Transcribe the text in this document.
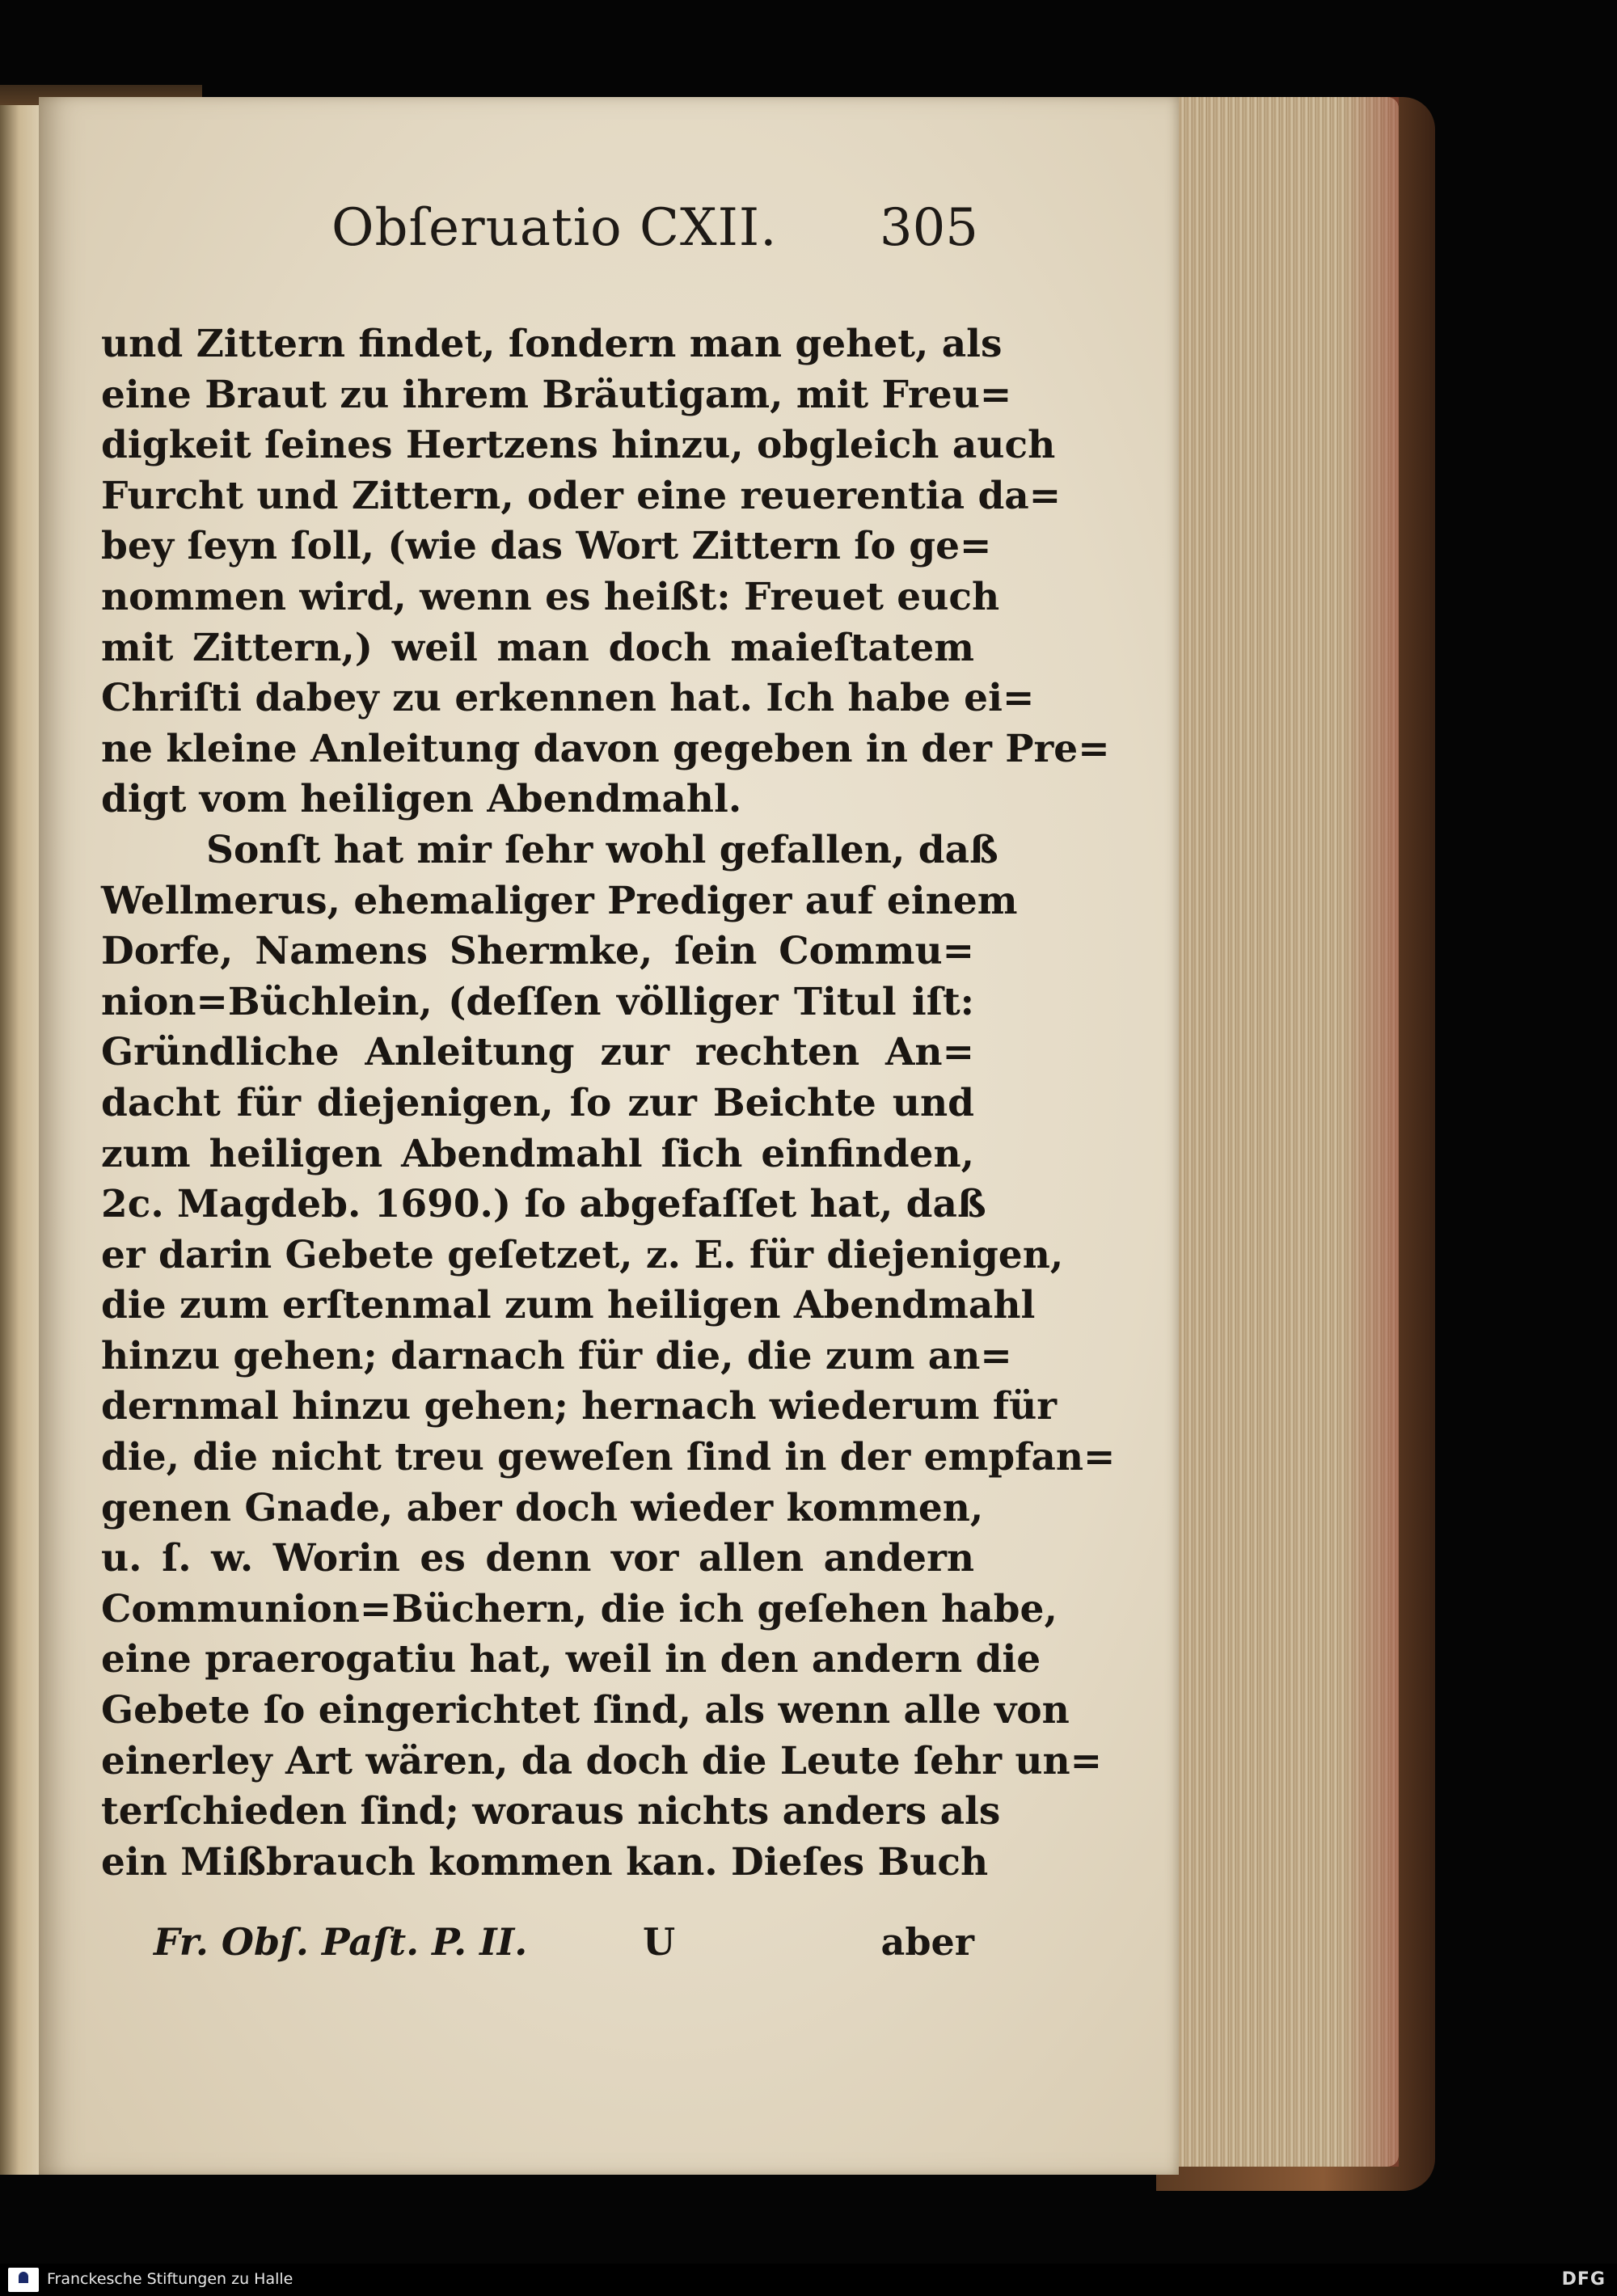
Obſeruatio CXII. 305
und Zittern findet, ſondern man gehet, als
eine Braut zu ihrem Bräutigam, mit Freu=
digkeit ſeines Hertzens hinzu, obgleich auch
Furcht und Zittern, oder eine reuerentia da=
bey ſeyn ſoll, (wie das Wort Zittern ſo ge=
nommen wird, wenn es heißt: Freuet euch
mit Zittern,) weil man doch maieſtatem
Chriſti dabey zu erkennen hat. Ich habe ei=
ne kleine Anleitung davon gegeben in der Pre=
digt vom heiligen Abendmahl.
Sonſt hat mir ſehr wohl gefallen, daß
Wellmerus, ehemaliger Prediger auf einem
Dorfe, Namens Shermke, ſein Commu=
nion=Büchlein, (deſſen völliger Titul iſt:
Gründliche Anleitung zur rechten An=
dacht für diejenigen, ſo zur Beichte und
zum heiligen Abendmahl ſich einfinden,
2c. Magdeb. 1690.) ſo abgefaſſet hat, daß
er darin Gebete geſetzet, z. E. für diejenigen,
die zum erſtenmal zum heiligen Abendmahl
hinzu gehen; darnach für die, die zum an=
dernmal hinzu gehen; hernach wiederum für
die, die nicht treu geweſen ſind in der empfan=
genen Gnade, aber doch wieder kommen,
u. ſ. w. Worin es denn vor allen andern
Communion=Büchern, die ich geſehen habe,
eine praerogatiu hat, weil in den andern die
Gebete ſo eingerichtet ſind, als wenn alle von
einerley Art wären, da doch die Leute ſehr un=
terſchieden ſind; woraus nichts anders als
ein Mißbrauch kommen kan. Dieſes Buch
Fr. Obſ. Paſt. P. II.	U	aber
Franckesche Stiftungen zu Halle	DFG
